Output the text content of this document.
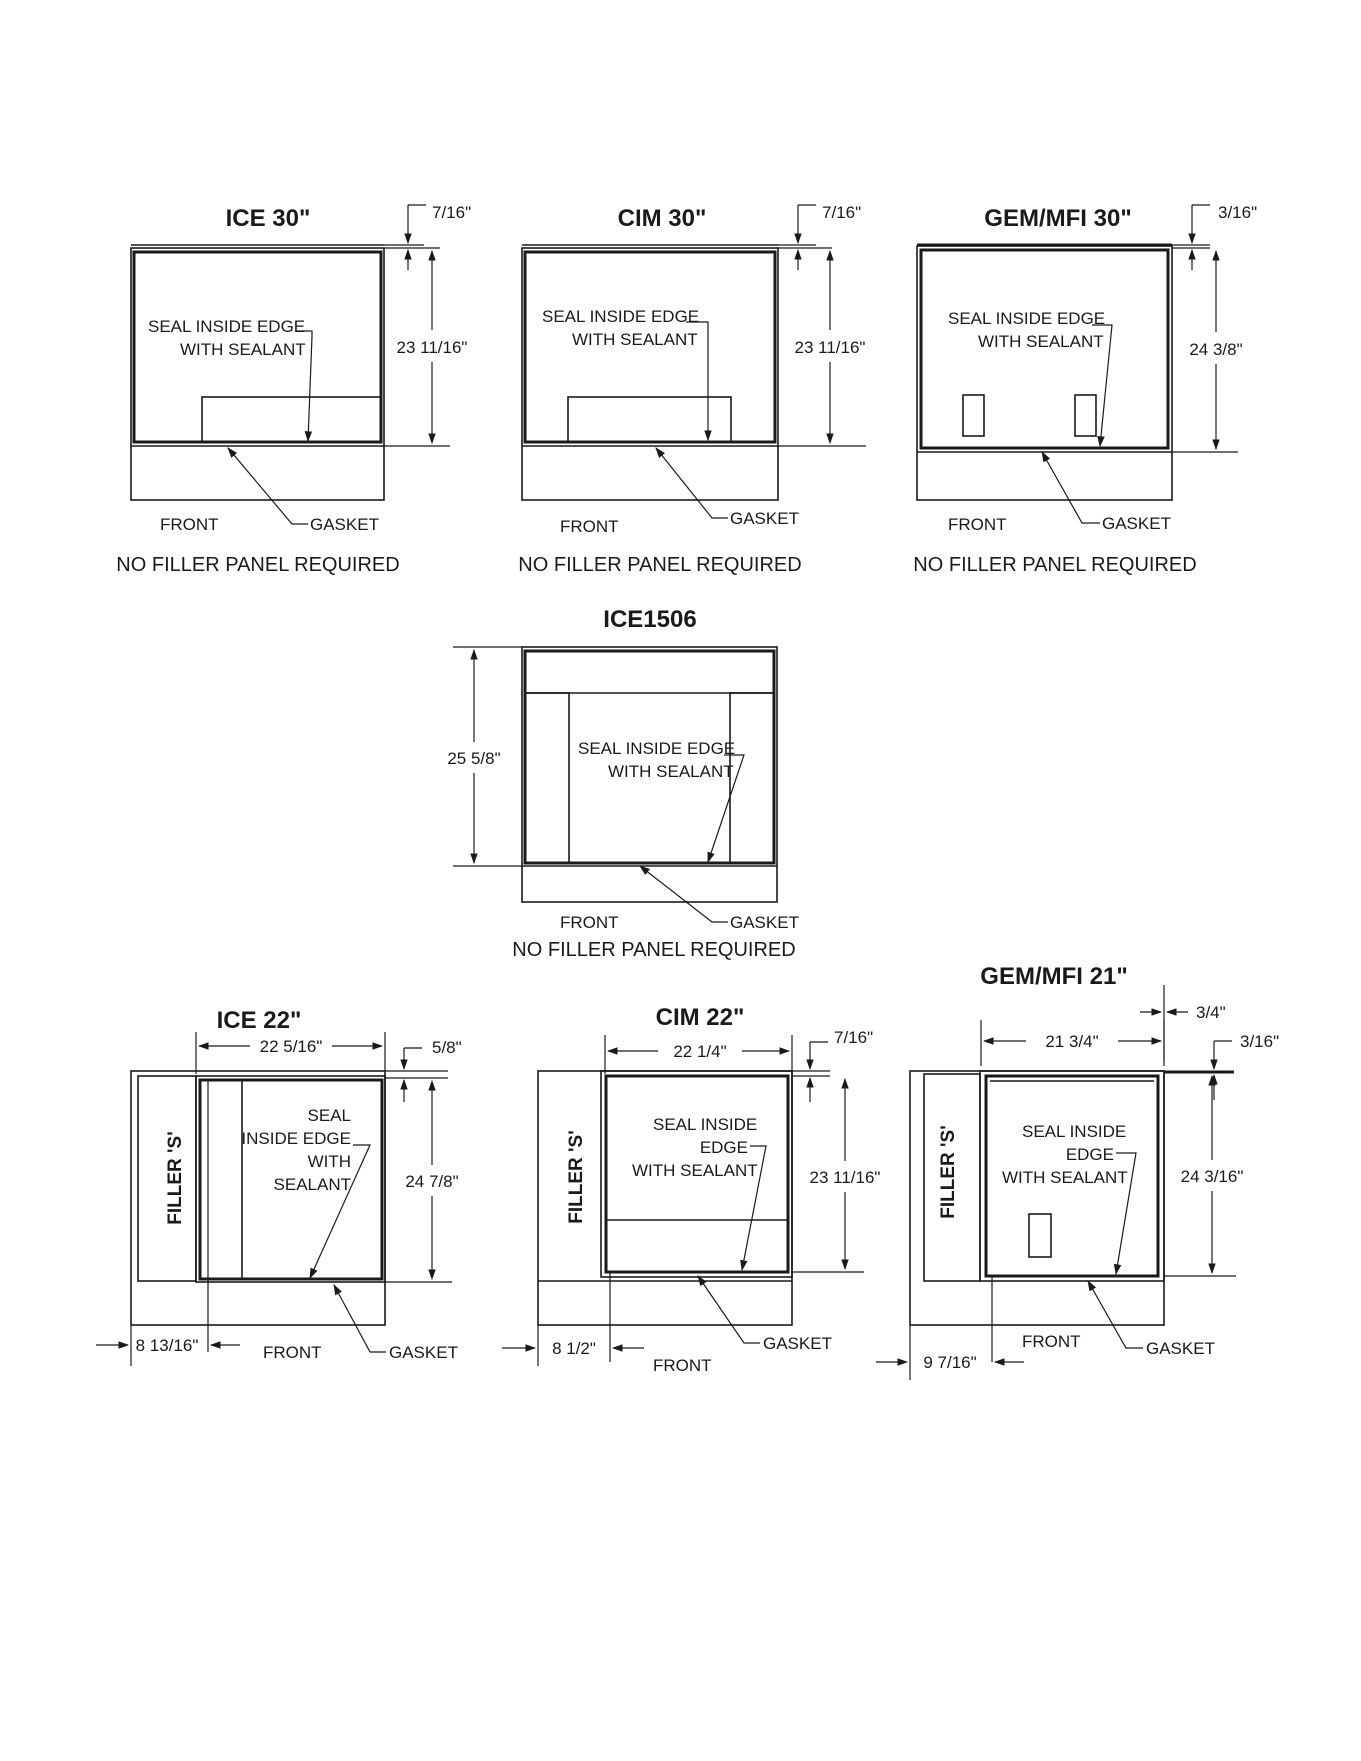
ICE 30"	7/16"
23 11/16"
SEAL INSIDE EDGE
WITH SEALANT
FRONT	GASKET
NO FILLER PANEL REQUIRED
CIM 30"	7/16"
23 11/16"
SEAL INSIDE EDGE
WITH SEALANT
FRONT	GASKET
NO FILLER PANEL REQUIRED
GEM/MFI 30"	3/16"
24 3/8"
SEAL INSIDE EDGE
WITH SEALANT
FRONT	GASKET
NO FILLER PANEL REQUIRED
ICE1506
25 5/8"
SEAL INSIDE EDGE
WITH SEALANT
FRONT	GASKET
NO FILLER PANEL REQUIRED
ICE 22"
22 5/16"	5/8"
24 7/8"
FILLER 'S'
SEAL
INSIDE EDGE
WITH
SEALANT
8 13/16"	FRONT	GASKET
CIM 22"
22 1/4"
7/16"
23 11/16"
FILLER 'S'
SEAL INSIDE
EDGE
WITH SEALANT
8 1/2"
FRONT
GASKET
GEM/MFI 21"
3/4"
21 3/4"	3/16"
24 3/16"
FILLER 'S'	SEAL INSIDE
EDGE
WITH SEALANT
9 7/16"
FRONT	GASKET
